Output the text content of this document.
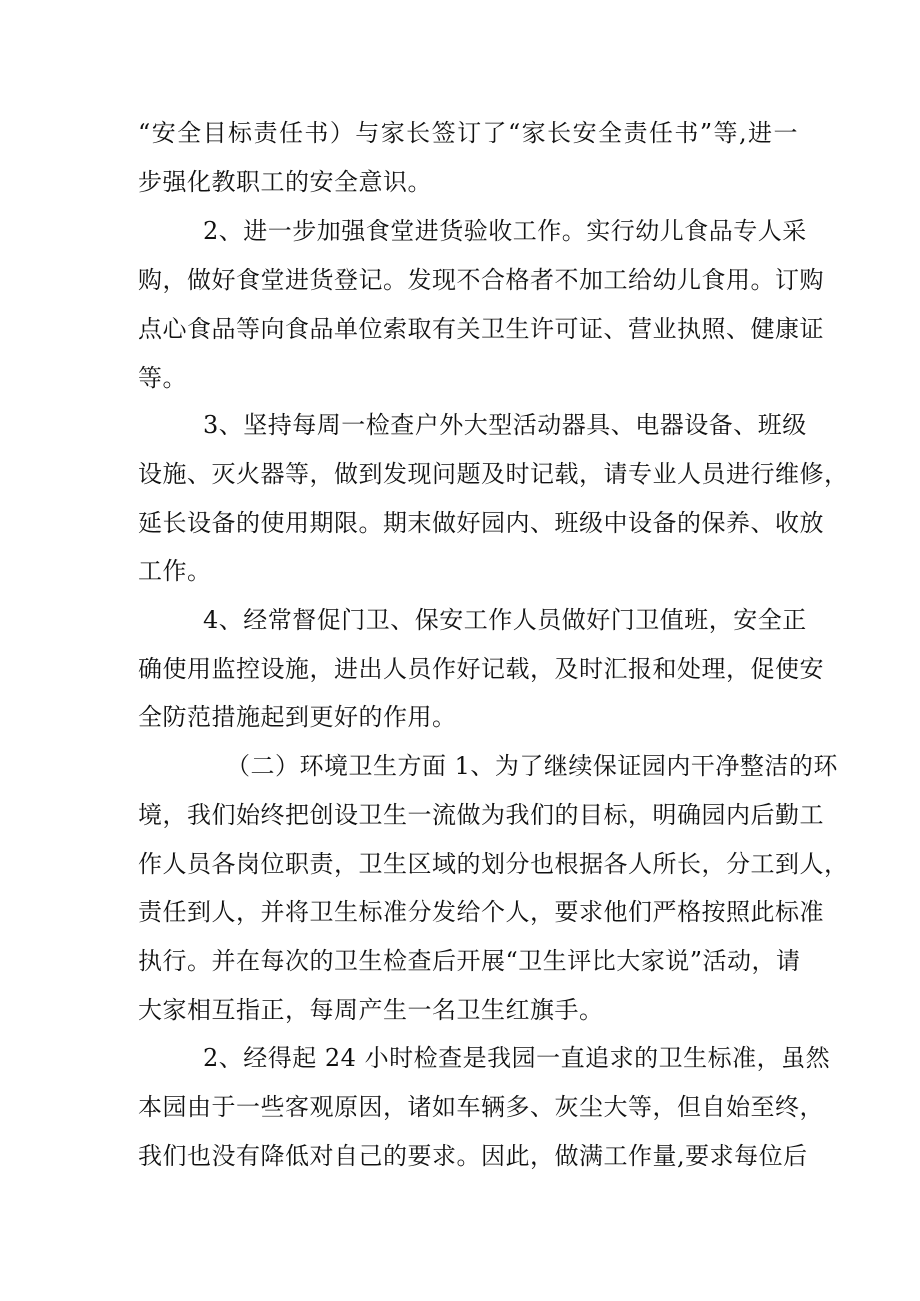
“安全目标责任书）与家长签订了“家长安全责任书”等,进一
步强化教职工的安全意识。
2、进一步加强食堂进货验收工作。实行幼儿食品专人采
购，做好食堂进货登记。发现不合格者不加工给幼儿食用。订购
点心食品等向食品单位索取有关卫生许可证、营业执照、健康证
等。
3、坚持每周一检查户外大型活动器具、电器设备、班级
设施、灭火器等，做到发现问题及时记载，请专业人员进行维修，
延长设备的使用期限。期末做好园内、班级中设备的保养、收放
工作。
4、经常督促门卫、保安工作人员做好门卫值班，安全正
确使用监控设施，进出人员作好记载，及时汇报和处理，促使安
全防范措施起到更好的作用。
（二）环境卫生方面 1、为了继续保证园内干净整洁的环
境，我们始终把创设卫生一流做为我们的目标，明确园内后勤工
作人员各岗位职责，卫生区域的划分也根据各人所长，分工到人，
责任到人，并将卫生标准分发给个人，要求他们严格按照此标准
执行。并在每次的卫生检查后开展“卫生评比大家说”活动，请
大家相互指正，每周产生一名卫生红旗手。
2、经得起 24 小时检查是我园一直追求的卫生标准，虽然
本园由于一些客观原因，诸如车辆多、灰尘大等，但自始至终，
我们也没有降低对自己的要求。因此，做满工作量,要求每位后
